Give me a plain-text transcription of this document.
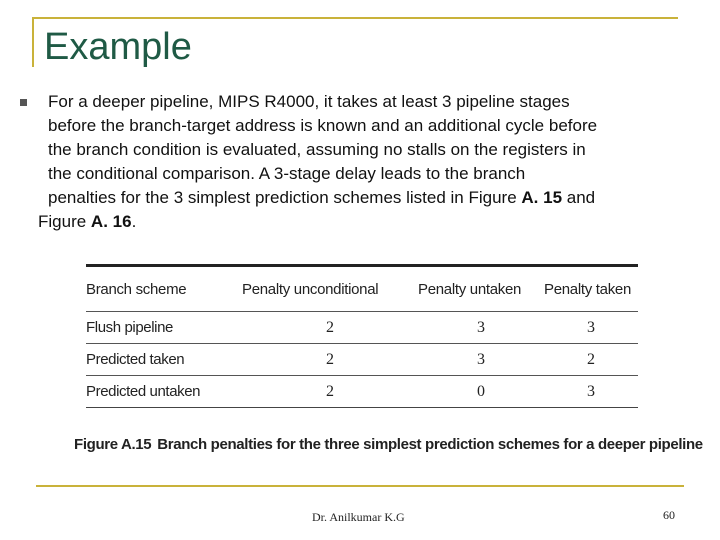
Example
For a deeper pipeline, MIPS R4000, it takes at least 3 pipeline stages
before the branch-target address is known and an additional cycle before
the branch condition is evaluated, assuming no stalls on the registers in
the conditional comparison. A 3-stage delay leads to the branch
penalties for the 3 simplest prediction schemes listed in Figure A. 15 and
Figure A. 16.
Branch scheme	Penalty unconditional	Penalty untaken	Penalty taken
Flush pipeline	2	3	3
Predicted taken	2	3	2
Predicted untaken	2	0	3
Figure A.15 Branch penalties for the three simplest prediction schemes for a deeper pipeline
Dr. Anilkumar K.G	60
